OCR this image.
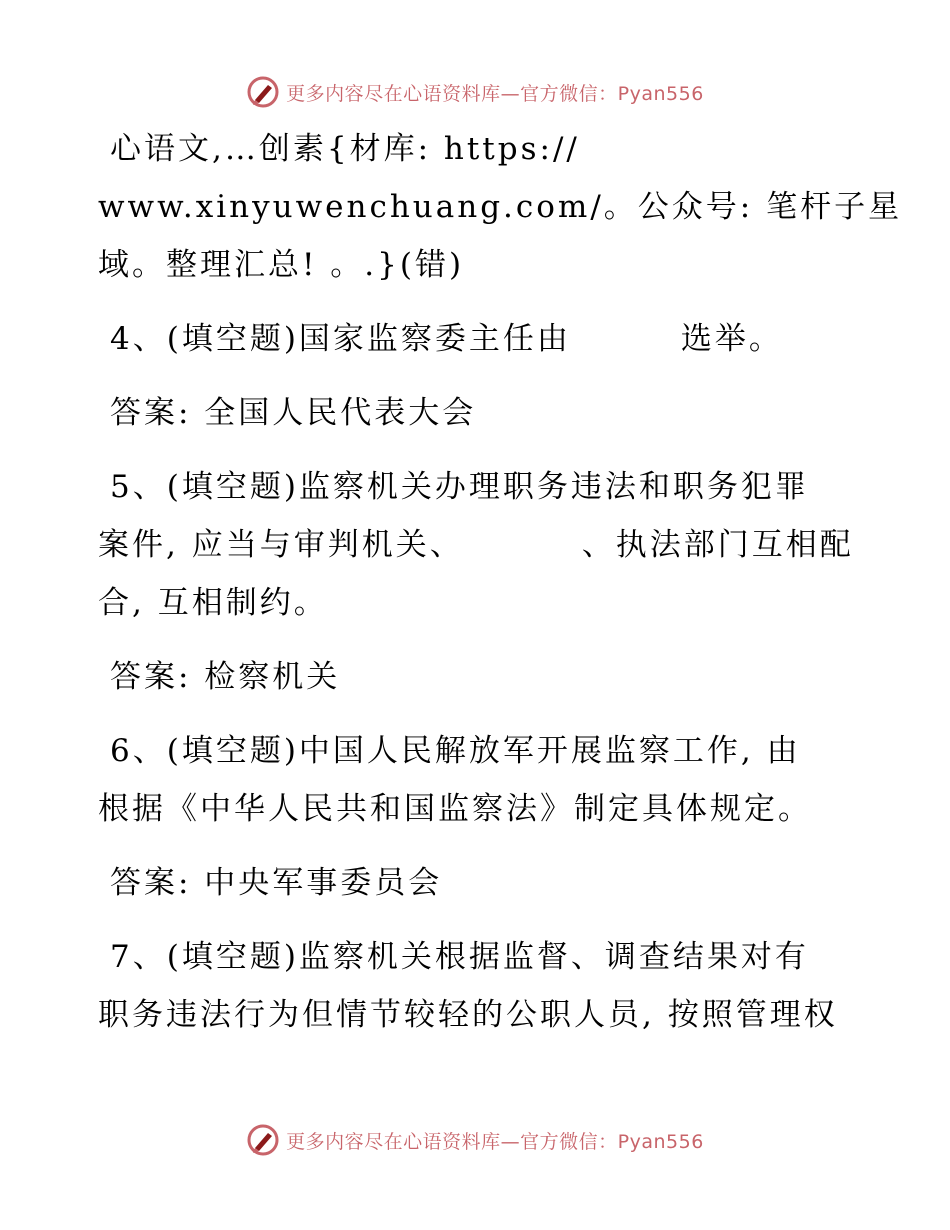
更多内容尽在心语资料库—官方微信：Pyan556
心语文,…创素{材库: https://
www.xinyuwenchuang.com/。公众号: 笔杆子星
域。整理汇总! 。.}(错)
4、(填空题)国家监察委主任由	选举。
答案: 全国人民代表大会
5、(填空题)监察机关办理职务违法和职务犯罪
案件, 应当与审判机关、	、执法部门互相配
合, 互相制约。
答案: 检察机关
6、(填空题)中国人民解放军开展监察工作, 由
根据《中华人民共和国监察法》制定具体规定。
答案: 中央军事委员会
7、(填空题)监察机关根据监督、调查结果对有
职务违法行为但情节较轻的公职人员, 按照管理权
更多内容尽在心语资料库—官方微信：Pyan556
